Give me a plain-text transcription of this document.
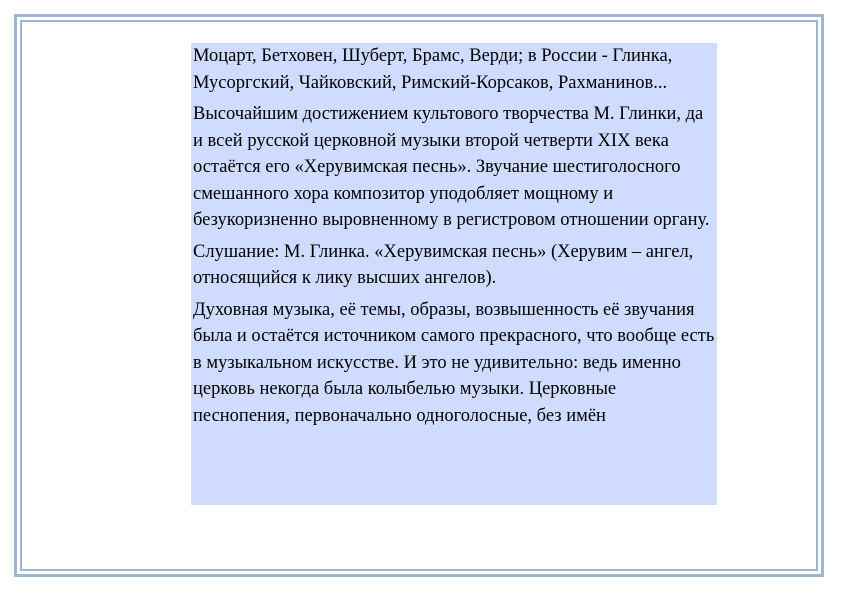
Моцарт, Бетховен, Шуберт, Брамс, Верди; в России - Глинка, Мусоргский, Чайковский, Римский-Корсаков, Рахманинов...

Высочайшим достижением культового творчества М. Глинки, да и всей русской церковной музыки второй четверти XIX века остаётся его «Херувимская песнь». Звучание шестиголосного смешанного хора композитор уподобляет мощному и безукоризненно выровненному в регистровом отношении органу.

Слушание: М. Глинка. «Херувимская песнь» (Херувим – ангел, относящийся к лику высших ангелов).

Духовная музыка, её темы, образы, возвышенность её звучания была и остаётся источником самого прекрасного, что вообще есть в музыкальном искусстве. И это не удивительно: ведь именно церковь некогда была колыбелью музыки. Церковные песнопения, первоначально одноголосные, без имён
